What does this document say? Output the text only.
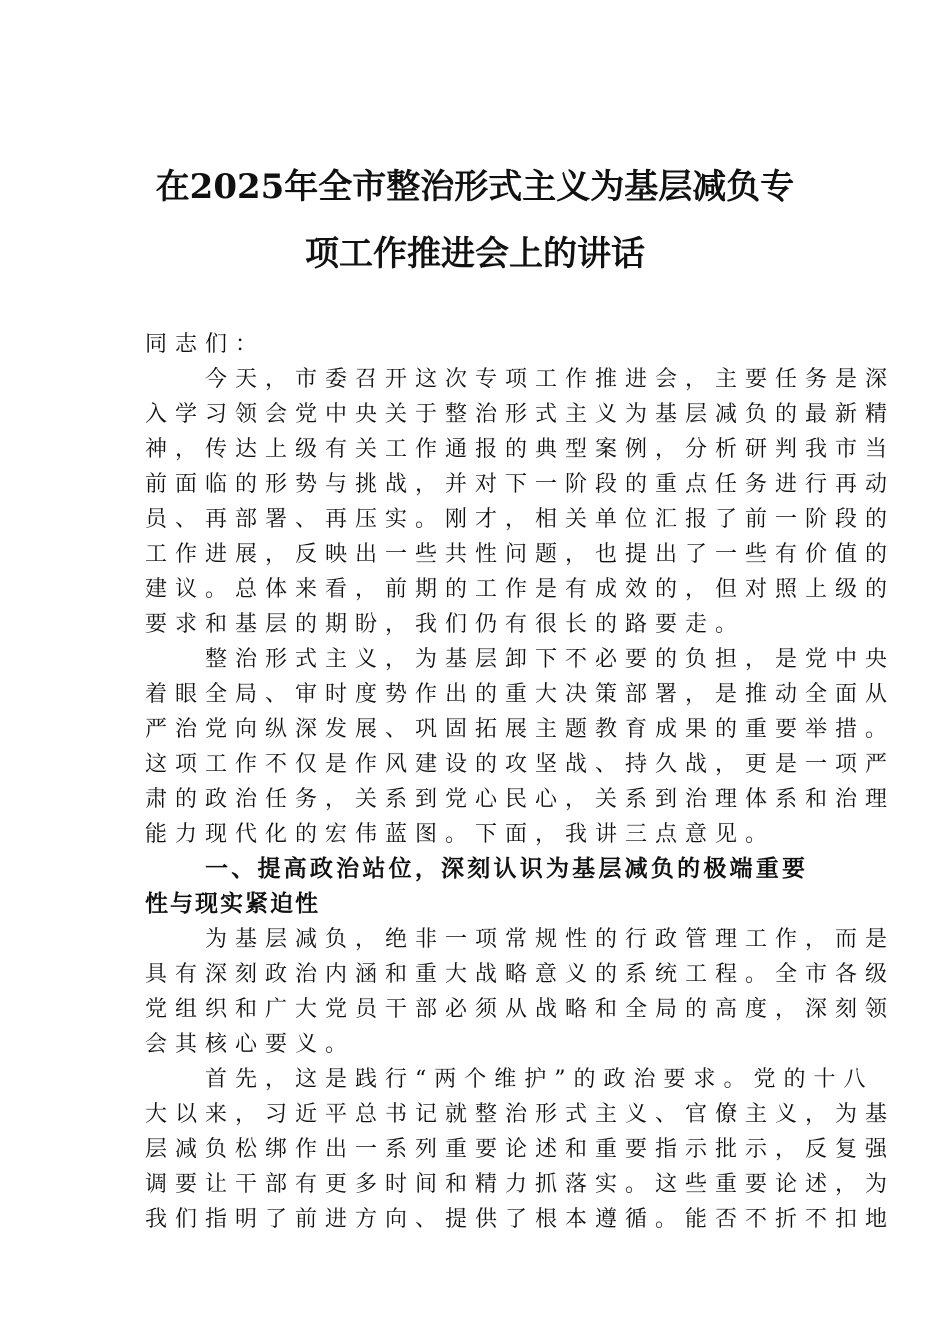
在2025年全市整治形式主义为基层减负专
项工作推进会上的讲话
同志们：
今天，市委召开这次专项工作推进会，主要任务是深
入学习领会党中央关于整治形式主义为基层减负的最新精
神，传达上级有关工作通报的典型案例，分析研判我市当
前面临的形势与挑战，并对下一阶段的重点任务进行再动
员、再部署、再压实。刚才，相关单位汇报了前一阶段的
工作进展，反映出一些共性问题，也提出了一些有价值的
建议。总体来看，前期的工作是有成效的，但对照上级的
要求和基层的期盼，我们仍有很长的路要走。
整治形式主义，为基层卸下不必要的负担，是党中央
着眼全局、审时度势作出的重大决策部署，是推动全面从
严治党向纵深发展、巩固拓展主题教育成果的重要举措。
这项工作不仅是作风建设的攻坚战、持久战，更是一项严
肃的政治任务，关系到党心民心，关系到治理体系和治理
能力现代化的宏伟蓝图。下面，我讲三点意见。
一、提高政治站位，深刻认识为基层减负的极端重要
性与现实紧迫性
为基层减负，绝非一项常规性的行政管理工作，而是
具有深刻政治内涵和重大战略意义的系统工程。全市各级
党组织和广大党员干部必须从战略和全局的高度，深刻领
会其核心要义。
首先，这是践行“两个维护”的政治要求。党的十八
大以来，习近平总书记就整治形式主义、官僚主义，为基
层减负松绑作出一系列重要论述和重要指示批示，反复强
调要让干部有更多时间和精力抓落实。这些重要论述，为
我们指明了前进方向、提供了根本遵循。能否不折不扣地
